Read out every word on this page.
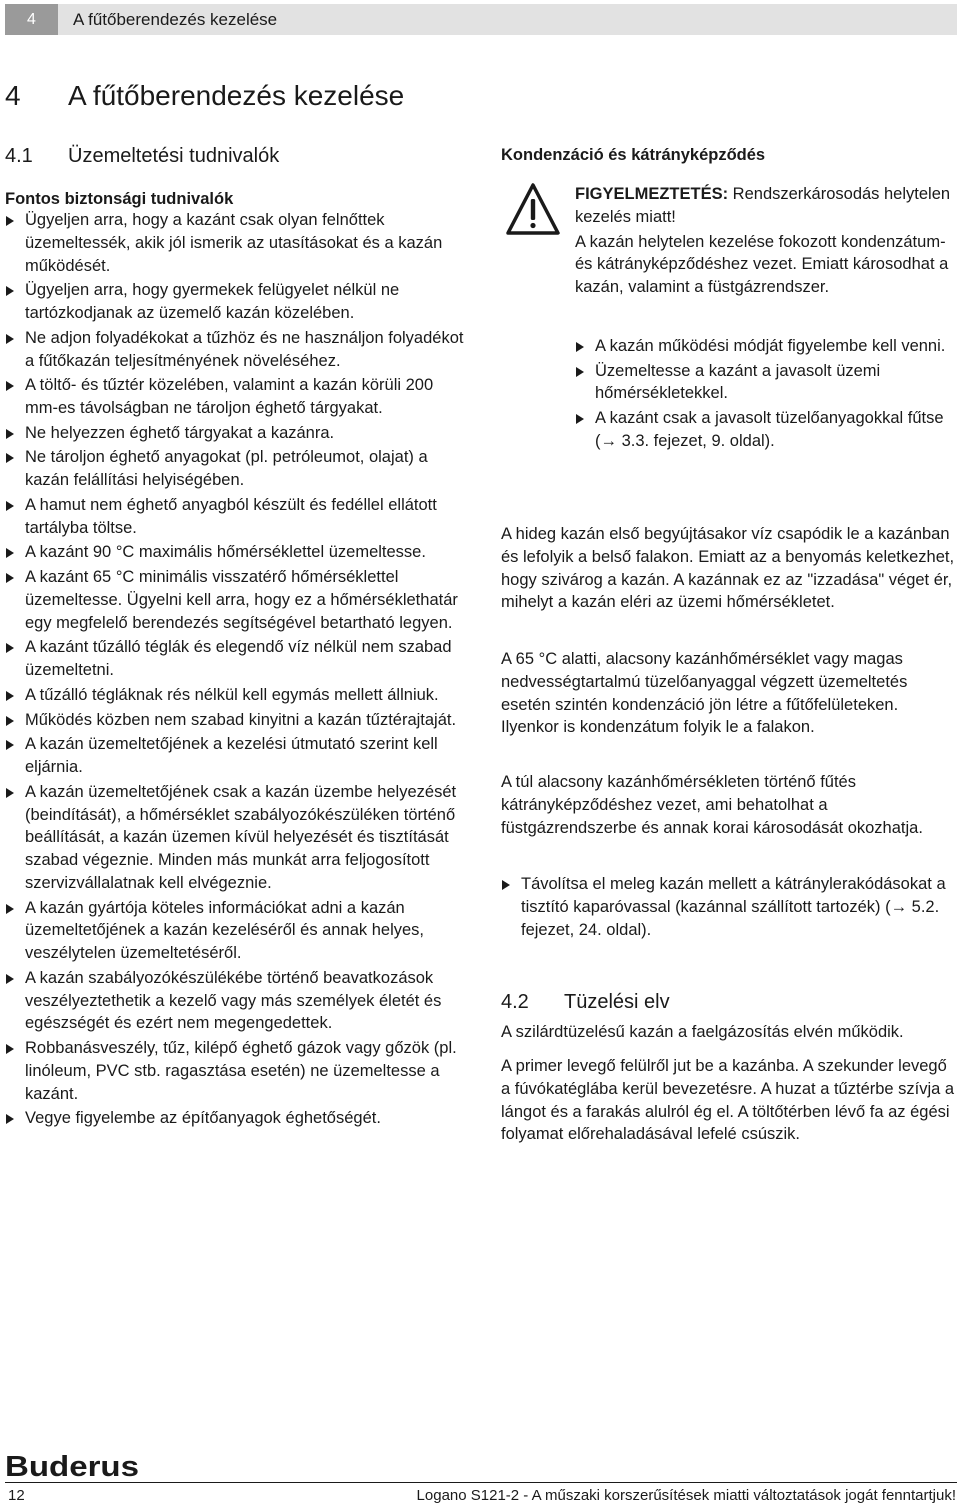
4	A fűtőberendezés kezelése
4	A fűtőberendezés kezelése
4.1	Üzemeltetési tudnivalók
Fontos biztonsági tudnivalók
Ügyeljen arra, hogy a kazánt csak olyan felnőttek üzemeltessék, akik jól ismerik az utasításokat és a kazán működését.
Ügyeljen arra, hogy gyermekek felügyelet nélkül ne tartózkodjanak az üzemelő kazán közelében.
Ne adjon folyadékokat a tűzhöz és ne használjon folyadékot a fűtőkazán teljesítményének növeléséhez.
A töltő- és tűztér közelében, valamint a kazán körüli 200 mm-es távolságban ne tároljon éghető tárgyakat.
Ne helyezzen éghető tárgyakat a kazánra.
Ne tároljon éghető anyagokat (pl. petróleumot, olajat) a kazán felállítási helyiségében.
A hamut nem éghető anyagból készült és fedéllel ellátott tartályba töltse.
A kazánt 90 °C maximális hőmérséklettel üzemeltesse.
A kazánt 65 °C minimális visszatérő hőmérséklettel üzemeltesse. Ügyelni kell arra, hogy ez a hőmérséklethatár egy megfelelő berendezés segítségével betartható legyen.
A kazánt tűzálló téglák és elegendő víz nélkül nem szabad üzemeltetni.
A tűzálló tégláknak rés nélkül kell egymás mellett állniuk.
Működés közben nem szabad kinyitni a kazán tűztérajtaját.
A kazán üzemeltetőjének a kezelési útmutató szerint kell eljárnia.
A kazán üzemeltetőjének csak a kazán üzembe helyezését (beindítását), a hőmérséklet szabályozókészüléken történő beállítását, a kazán üzemen kívül helyezését és tisztítását szabad végeznie. Minden más munkát arra feljogosított szervizvállalatnak kell elvégeznie.
A kazán gyártója köteles információkat adni a kazán üzemeltetőjének a kazán kezeléséről és annak helyes, veszélytelen üzemeltetéséről.
A kazán szabályozókészülékébe történő beavatkozások veszélyeztethetik a kezelő vagy más személyek életét és egészségét és ezért nem megengedettek.
Robbanásveszély, tűz, kilépő éghető gázok vagy gőzök (pl. linóleum, PVC stb. ragasztása esetén) ne üzemeltesse a kazánt.
Vegye figyelembe az építőanyagok éghetőségét.
Kondenzáció és kátrányképződés
FIGYELMEZTETÉS: Rendszerkárosodás helytelen kezelés miatt!
A kazán helytelen kezelése fokozott kondenzátum- és kátrányképződéshez vezet. Emiatt károsodhat a kazán, valamint a füstgázrendszer.
A kazán működési módját figyelembe kell venni.
Üzemeltesse a kazánt a javasolt üzemi hőmérsékletekkel.
A kazánt csak a javasolt tüzelőanyagokkal fűtse (→ 3.3. fejezet, 9. oldal).
A hideg kazán első begyújtásakor víz csapódik le a kazánban és lefolyik a belső falakon. Emiatt az a benyomás keletkezhet, hogy szivárog a kazán. A kazánnak ez az "izzadása" véget ér, mihelyt a kazán eléri az üzemi hőmérsékletet.
A 65 °C alatti, alacsony kazánhőmérséklet vagy magas nedvességtartalmú tüzelőanyaggal végzett üzemeltetés esetén szintén kondenzáció jön létre a fűtőfelületeken. Ilyenkor is kondenzátum folyik le a falakon.
A túl alacsony kazánhőmérsékleten történő fűtés kátrányképződéshez vezet, ami behatolhat a füstgázrendszerbe és annak korai károsodását okozhatja.
Távolítsa el meleg kazán mellett a kátránylerakódásokat a tisztító kaparóvassal (kazánnal szállított tartozék) (→ 5.2. fejezet, 24. oldal).
4.2	Tüzelési elv
A szilárdtüzelésű kazán a faelgázosítás elvén működik.
A primer levegő felülről jut be a kazánba. A szekunder levegő a fúvókatéglába kerül bevezetésre. A huzat a tűztérbe szívja a lángot és a farakás alulról ég el. A töltőtérben lévő fa az égési folyamat előrehaladásával lefelé csúszik.
Buderus
12	Logano S121-2 - A műszaki korszerűsítések miatti változtatások jogát fenntartjuk!
